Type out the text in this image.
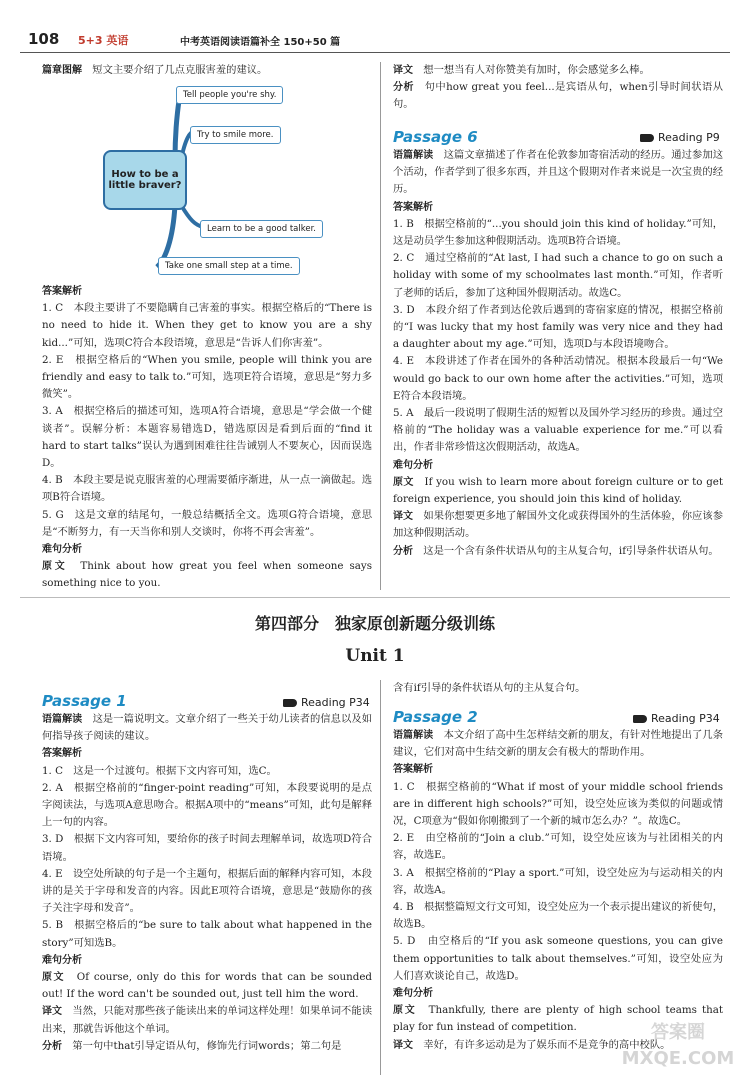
108 5+3 英语	中考英语阅读语篇补全 150+50 篇

篇章图解　 短文主要介绍了几点克服害羞的建议。

How to be a little braver?
Tell people you're shy.
Try to smile more.
Learn to be a good talker.
Take one small step at a time.

答案解析

1. C　本段主要讲了不要隐瞒自己害羞的事实。根据空格后的“There is no need to hide it. When they get to know you are a shy kid...”可知，选项C符合本段语境，意思是“告诉人们你害羞”。

2. E　根据空格后的“When you smile, people will think you are friendly and easy to talk to.”可知，选项E符合语境，意思是“努力多微笑”。

3. A　根据空格后的描述可知，选项A符合语境，意思是“学会做一个健谈者”。误解分析：本题容易错选D，错选原因是看到后面的“find it hard to start talks”误认为遇到困难往往告诫别人不要灰心，因而误选D。

4. B　本段主要是说克服害羞的心理需要循序渐进，从一点一滴做起。选项B符合语境。

5. G　这是文章的结尾句，一般总结概括全文。选项G符合语境，意思是“不断努力，有一天当你和别人交谈时，你将不再会害羞”。

难句分析

原文　 Think about how great you feel when someone says something nice to you.

译文　 想一想当有人对你赞美有加时，你会感觉多么棒。

分析　 句中how great you feel...是宾语从句，when引导时间状语从句。

Passage 6	Reading P9

语篇解读　 这篇文章描述了作者在伦敦参加寄宿活动的经历。通过参加这个活动，作者学到了很多东西，并且这个假期对作者来说是一次宝贵的经历。

答案解析

1. B　根据空格前的“...you should join this kind of holiday.”可知，这是动员学生参加这种假期活动。选项B符合语境。

2. C　通过空格前的“At last, I had such a chance to go on such a holiday with some of my schoolmates last month.”可知，作者听了老师的话后，参加了这种国外假期活动。故选C。

3. D　本段介绍了作者到达伦敦后遇到的寄宿家庭的情况，根据空格前的“I was lucky that my host family was very nice and they had a daughter about my age.”可知，选项D与本段语境吻合。

4. E　本段讲述了作者在国外的各种活动情况。根据本段最后一句“We would go back to our own home after the activities.”可知，选项E符合本段语境。

5. A　最后一段说明了假期生活的短暂以及国外学习经历的珍贵。通过空格前的“The holiday was a valuable experience for me.”可以看出，作者非常珍惜这次假期活动，故选A。

难句分析

原文　 If you wish to learn more about foreign culture or to get foreign experience, you should join this kind of holiday.

译文　 如果你想要更多地了解国外文化或获得国外的生活体验，你应该参加这种假期活动。

分析　 这是一个含有条件状语从句的主从复合句，if引导条件状语从句。

第四部分　独家原创新题分级训练
Unit 1
Passage 1	Reading P34

语篇解读　 这是一篇说明文。文章介绍了一些关于幼儿读者的信息以及如何指导孩子阅读的建议。

答案解析

1. C　这是一个过渡句。根据下文内容可知，选C。

2. A　根据空格前的“finger-point reading”可知，本段要说明的是点字阅读法，与选项A意思吻合。根据A项中的“means”可知，此句是解释上一句的内容。

3. D　根据下文内容可知，要给你的孩子时间去理解单词，故选项D符合语境。

4. E　设空处所缺的句子是一个主题句，根据后面的解释内容可知，本段讲的是关于字母和发音的内容。因此E项符合语境，意思是“鼓励你的孩子关注字母和发音”。

5. B　根据空格后的“be sure to talk about what happened in the story”可知选B。

难句分析

原文　 Of course, only do this for words that can be sounded out! If the word can't be sounded out, just tell him the word.

译文　 当然，只能对那些孩子能读出来的单词这样处理！如果单词不能读出来，那就告诉他这个单词。

分析　 第一句中that引导定语从句，修饰先行词words；第二句是

含有if引导的条件状语从句的主从复合句。

Passage 2	Reading P34

语篇解读　 本文介绍了高中生怎样结交新的朋友，有针对性地提出了几条建议，它们对高中生结交新的朋友会有极大的帮助作用。

答案解析

1. C　根据空格前的“What if most of your middle school friends are in different high schools?”可知，设空处应该为类似的问题或情况，C项意为“假如你刚搬到了一个新的城市怎么办？”。故选C。

2. E　由空格前的“Join a club.”可知，设空处应该为与社团相关的内容，故选E。

3. A　根据空格前的“Play a sport.”可知，设空处应为与运动相关的内容，故选A。

4. B　根据整篇短文行文可知，设空处应为一个表示提出建议的祈使句，故选B。

5. D　由空格后的“If you ask someone questions, you can give them opportunities to talk about themselves.”可知，设空处应为人们喜欢谈论自己，故选D。

难句分析

原文　 Thankfully, there are plenty of high school teams that play for fun instead of competition.

译文　 幸好，有许多运动是为了娱乐而不是竞争的高中校队。

答案圈
MXQE.COM
